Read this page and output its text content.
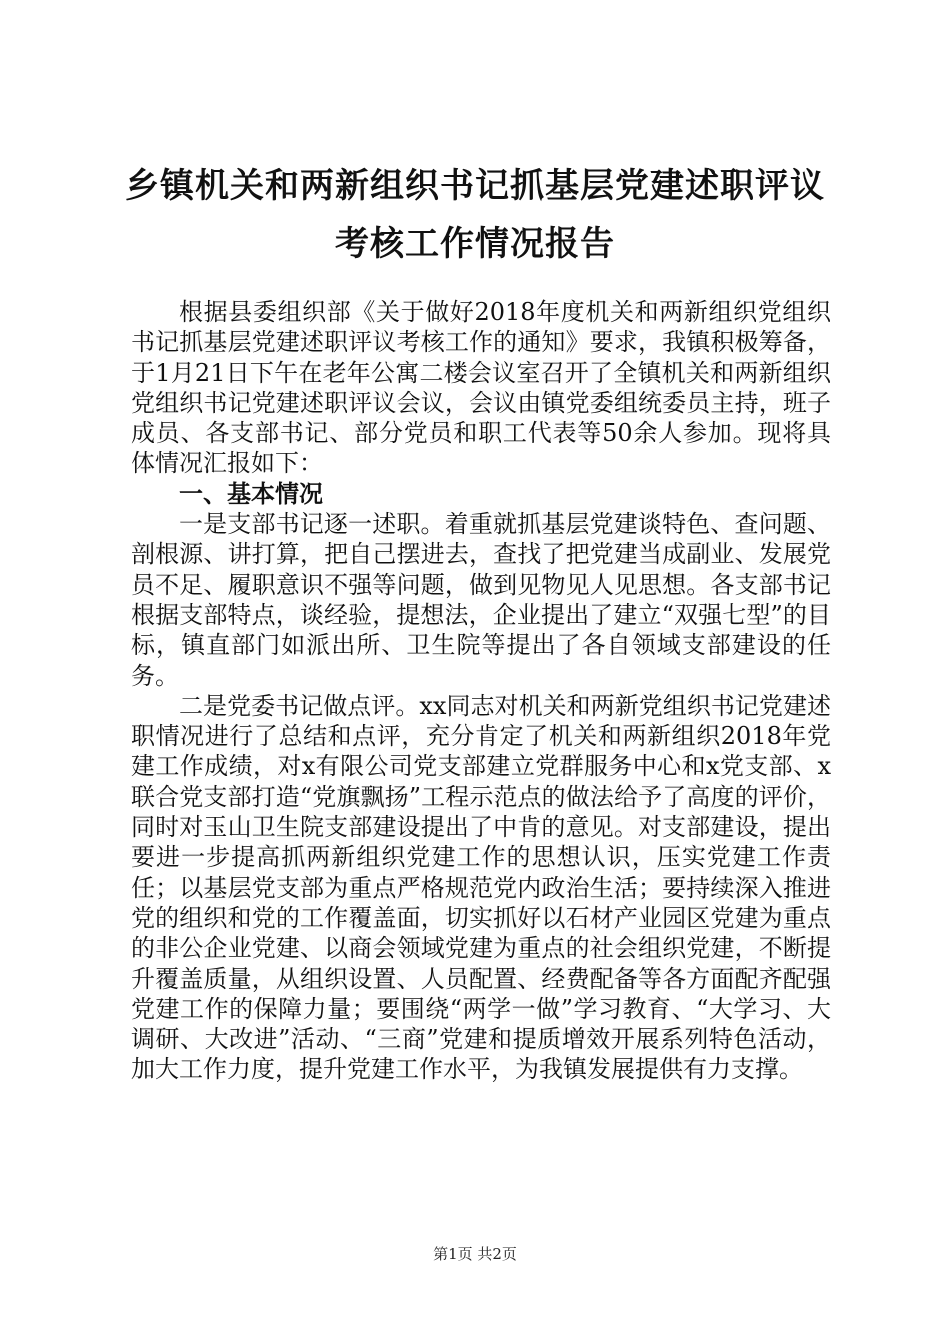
乡镇机关和两新组织书记抓基层党建述职评议
考核工作情况报告

根据县委组织部《关于做好2018年度机关和两新组织党组织书记抓基层党建述职评议考核工作的通知》要求，我镇积极筹备，于1月21日下午在老年公寓二楼会议室召开了全镇机关和两新组织党组织书记党建述职评议会议，会议由镇党委组统委员主持，班子成员、各支部书记、部分党员和职工代表等50余人参加。现将具体情况汇报如下：

一、基本情况

一是支部书记逐一述职。着重就抓基层党建谈特色、查问题、剖根源、讲打算，把自己摆进去，查找了把党建当成副业、发展党员不足、履职意识不强等问题，做到见物见人见思想。各支部书记根据支部特点，谈经验，提想法，企业提出了建立“双强七型”的目标，镇直部门如派出所、卫生院等提出了各自领域支部建设的任务。

二是党委书记做点评。xx同志对机关和两新党组织书记党建述职情况进行了总结和点评，充分肯定了机关和两新组织2018年党建工作成绩，对x有限公司党支部建立党群服务中心和x党支部、x联合党支部打造“党旗飘扬”工程示范点的做法给予了高度的评价，同时对玉山卫生院支部建设提出了中肯的意见。对支部建设，提出要进一步提高抓两新组织党建工作的思想认识，压实党建工作责任；以基层党支部为重点严格规范党内政治生活；要持续深入推进党的组织和党的工作覆盖面，切实抓好以石材产业园区党建为重点的非公企业党建、以商会领域党建为重点的社会组织党建，不断提升覆盖质量，从组织设置、人员配置、经费配备等各方面配齐配强党建工作的保障力量；要围绕“两学一做”学习教育、“大学习、大调研、大改进”活动、“三商”党建和提质增效开展系列特色活动，加大工作力度，提升党建工作水平，为我镇发展提供有力支撑。

第1页 共2页
